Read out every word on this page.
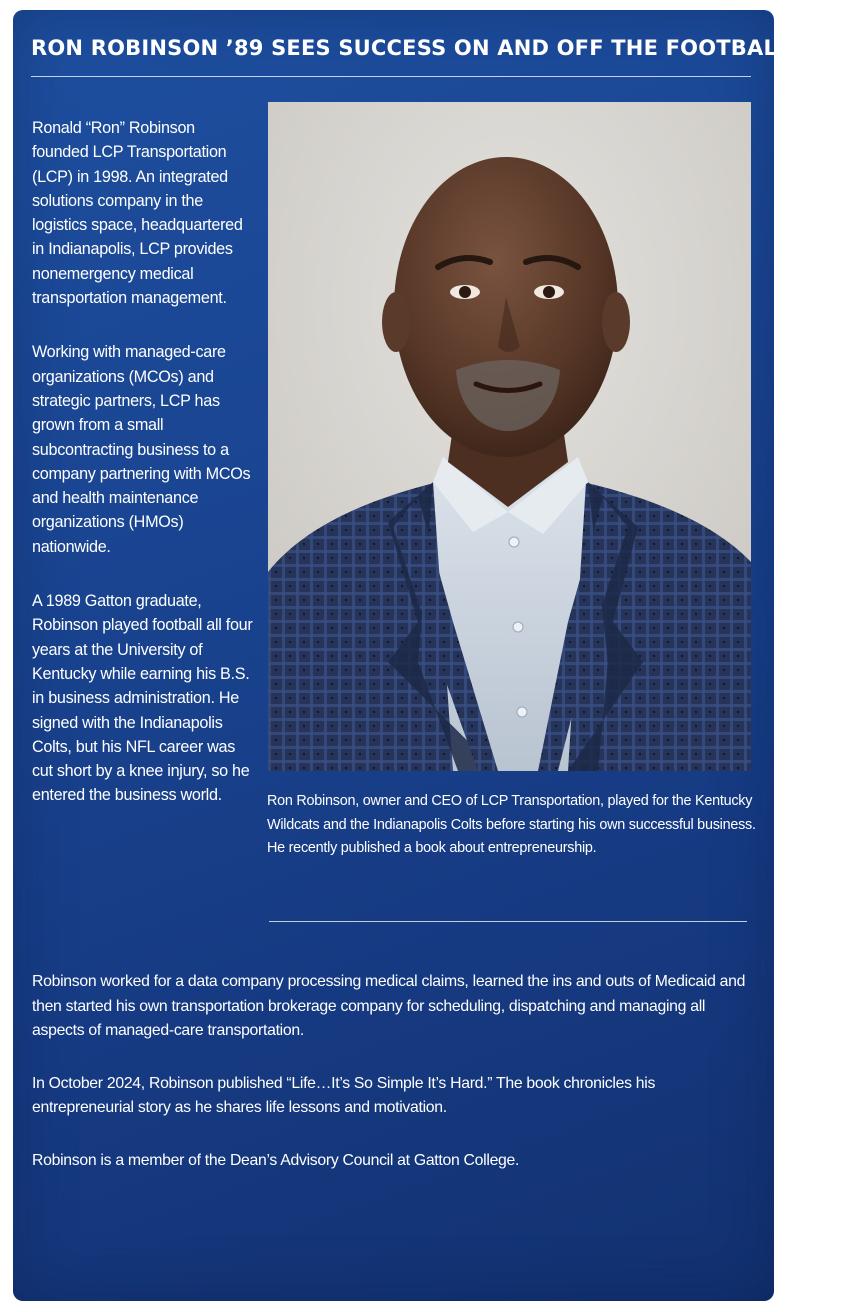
RON ROBINSON ’89 SEES SUCCESS ON AND OFF THE FOOTBALL FIELD

Ronald “Ron” Robinson founded LCP Transportation (LCP) in 1998. An integrated solutions company in the logistics space, headquartered in Indianapolis, LCP provides nonemergency medical transportation management.

Working with managed-care organizations (MCOs) and strategic partners, LCP has grown from a small subcontracting business to a company partnering with MCOs and health maintenance organizations (HMOs) nationwide.

A 1989 Gatton graduate, Robinson played football all four years at the University of Kentucky while earning his B.S. in business administration. He signed with the Indianapolis Colts, but his NFL career was cut short by a knee injury, so he entered the business world.	Ron Robinson, owner and CEO of LCP Transportation, played for the Kentucky Wildcats and the Indianapolis Colts before starting his own successful business. He recently published a book about entrepreneurship.

Robinson worked for a data company processing medical claims, learned the ins and outs of Medicaid and then started his own transportation brokerage company for scheduling, dispatching and managing all aspects of managed-care transportation.

In October 2024, Robinson published “Life…It’s So Simple It’s Hard.” The book chronicles his entrepreneurial story as he shares life lessons and motivation.

Robinson is a member of the Dean’s Advisory Council at Gatton College.
